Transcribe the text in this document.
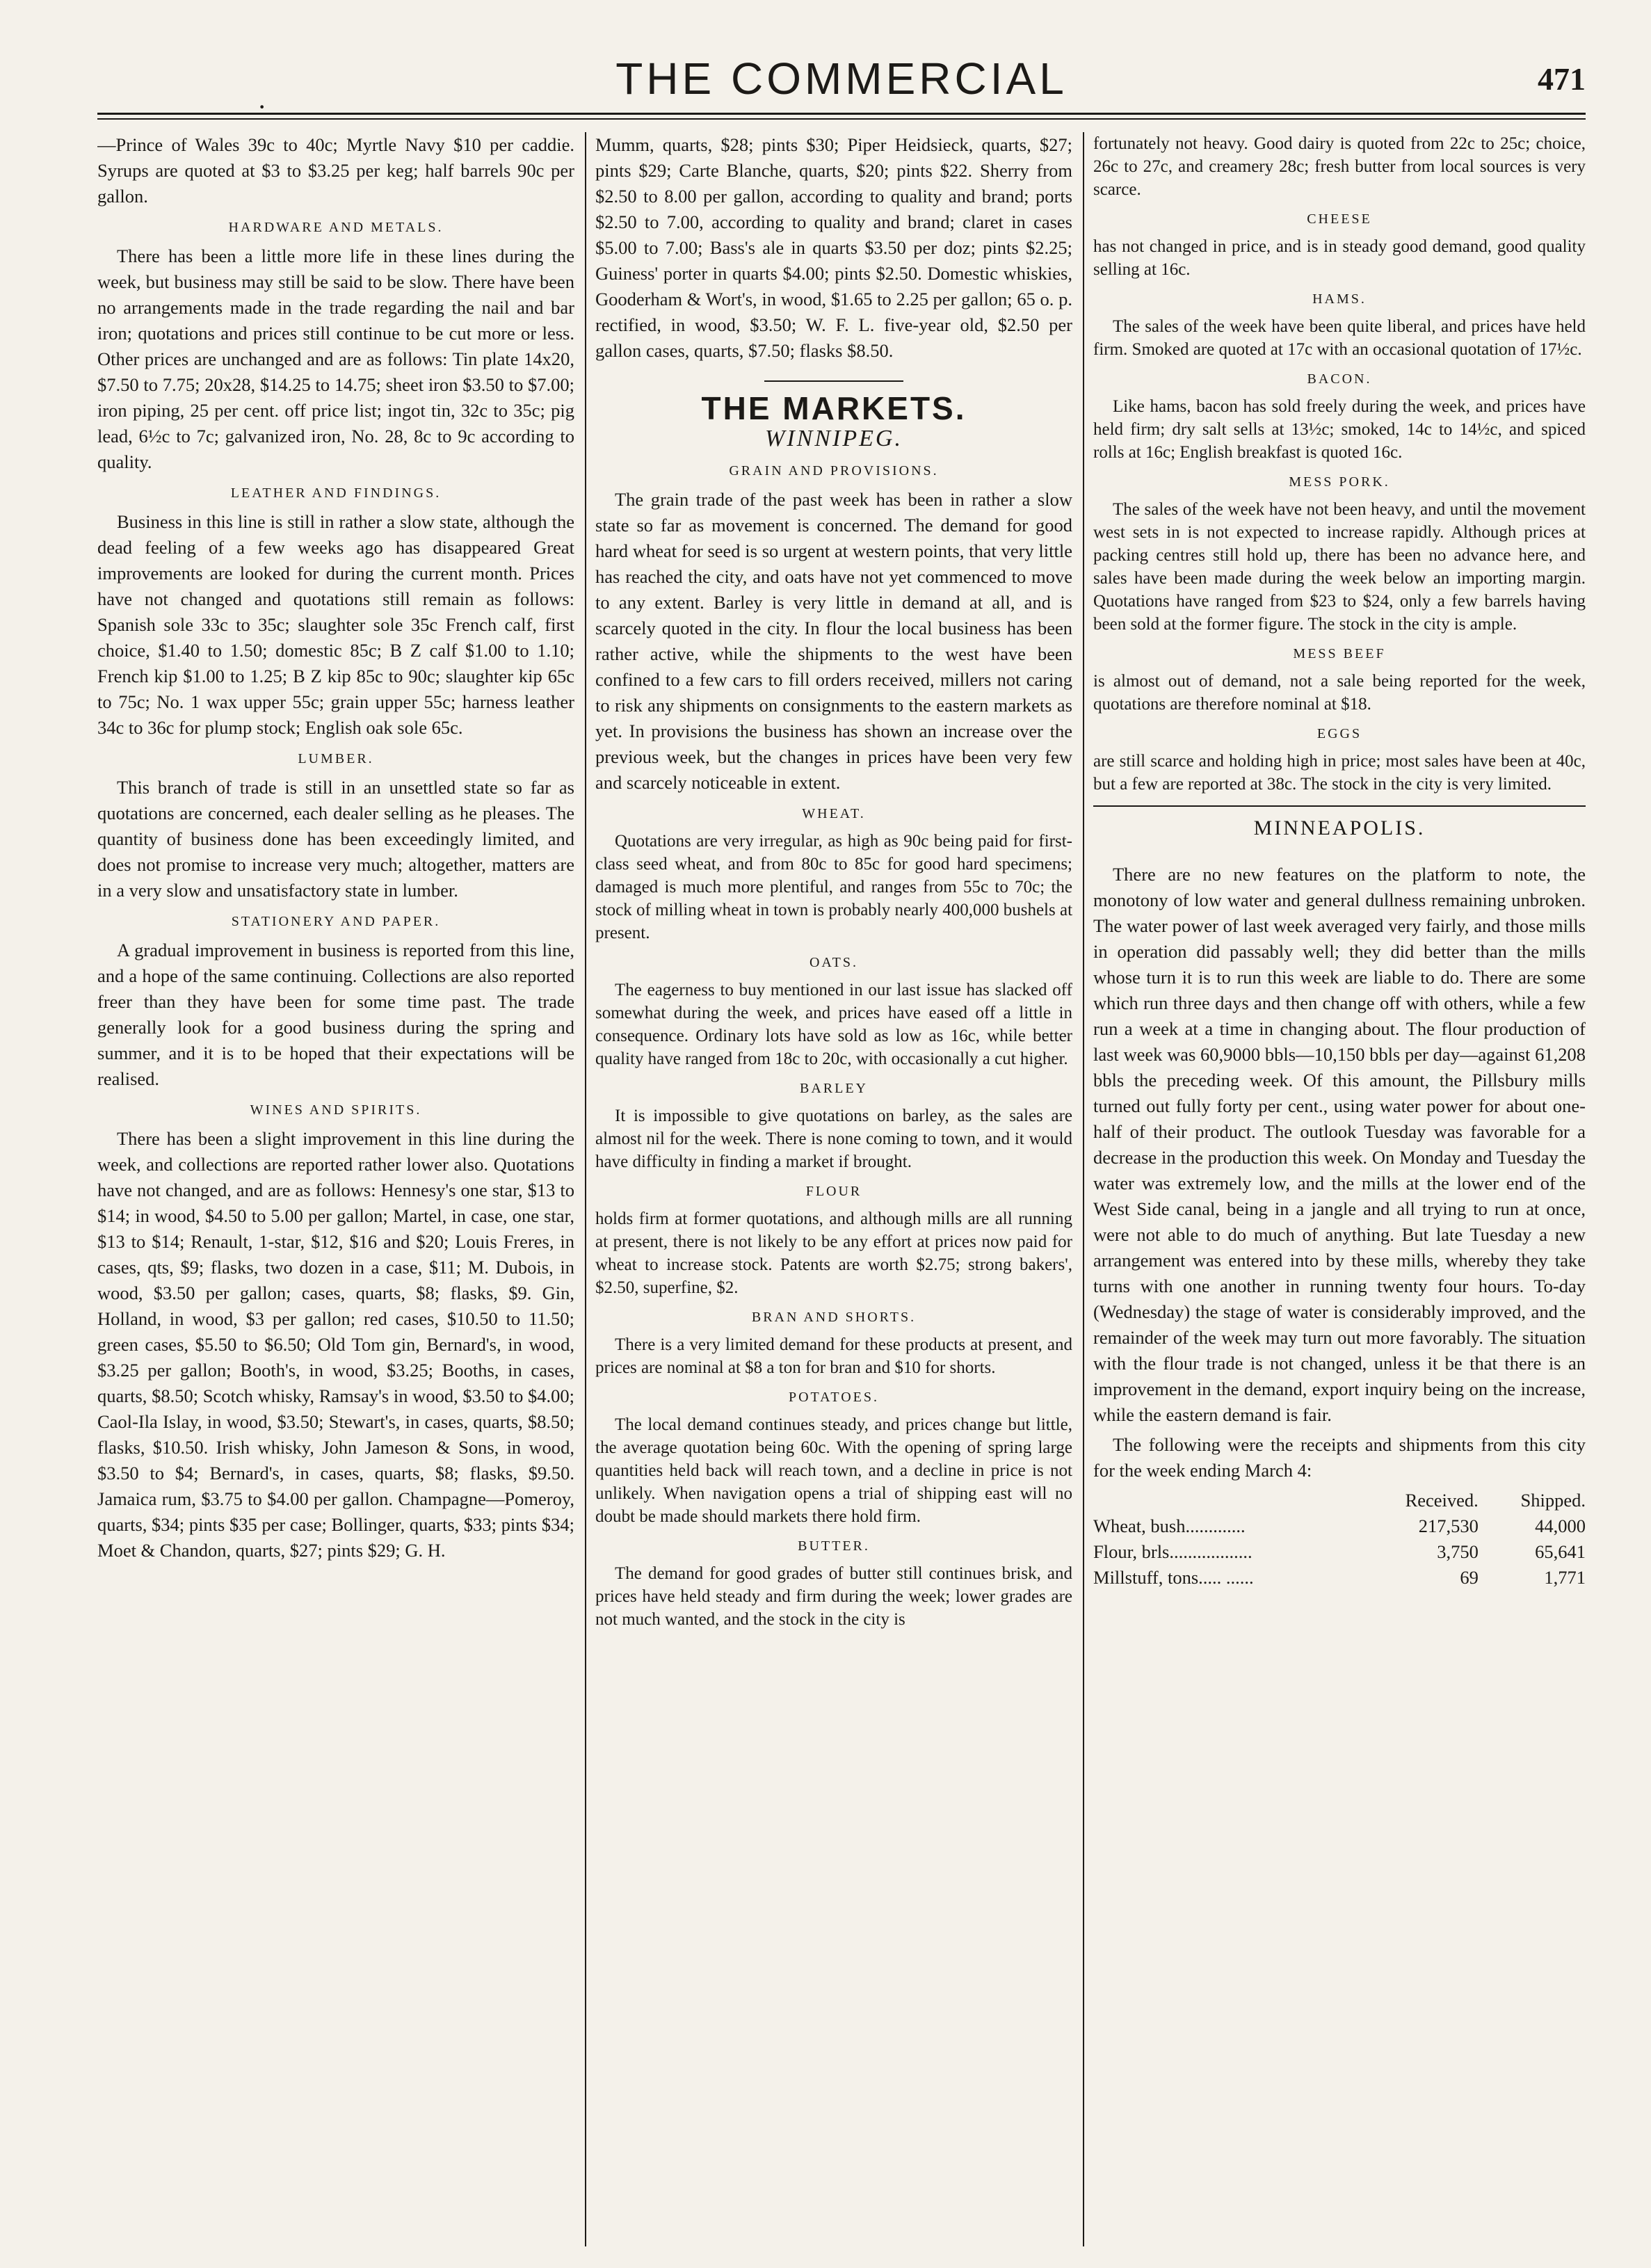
·
THE COMMERCIAL	471

—Prince of Wales 39c to 40c; Myrtle Navy $10 per caddie. Syrups are quoted at $3 to $3.25 per keg; half barrels 90c per gallon.

HARDWARE AND METALS.

There has been a little more life in these lines during the week, but business may still be said to be slow. There have been no arrangements made in the trade regarding the nail and bar iron; quotations and prices still continue to be cut more or less. Other prices are unchanged and are as follows: Tin plate 14x20, $7.50 to 7.75; 20x28, $14.25 to 14.75; sheet iron $3.50 to $7.00; iron piping, 25 per cent. off price list; ingot tin, 32c to 35c; pig lead, 6½c to 7c; galvanized iron, No. 28, 8c to 9c according to quality.

LEATHER AND FINDINGS.

Business in this line is still in rather a slow state, although the dead feeling of a few weeks ago has disappeared Great improvements are looked for during the current month. Prices have not changed and quotations still remain as follows: Spanish sole 33c to 35c; slaughter sole 35c French calf, first choice, $1.40 to 1.50; domestic 85c; B Z calf $1.00 to 1.10; French kip $1.00 to 1.25; B Z kip 85c to 90c; slaughter kip 65c to 75c; No. 1 wax upper 55c; grain upper 55c; harness leather 34c to 36c for plump stock; English oak sole 65c.

LUMBER.

This branch of trade is still in an unsettled state so far as quotations are concerned, each dealer selling as he pleases. The quantity of business done has been exceedingly limited, and does not promise to increase very much; altogether, matters are in a very slow and unsatisfactory state in lumber.

STATIONERY AND PAPER.

A gradual improvement in business is reported from this line, and a hope of the same continuing. Collections are also reported freer than they have been for some time past. The trade generally look for a good business during the spring and summer, and it is to be hoped that their expectations will be realised.

WINES AND SPIRITS.

There has been a slight improvement in this line during the week, and collections are reported rather lower also. Quotations have not changed, and are as follows: Hennesy's one star, $13 to $14; in wood, $4.50 to 5.00 per gallon; Martel, in case, one star, $13 to $14; Renault, 1-star, $12, $16 and $20; Louis Freres, in cases, qts, $9; flasks, two dozen in a case, $11; M. Dubois, in wood, $3.50 per gallon; cases, quarts, $8; flasks, $9. Gin, Holland, in wood, $3 per gallon; red cases, $10.50 to 11.50; green cases, $5.50 to $6.50; Old Tom gin, Bernard's, in wood, $3.25 per gallon; Booth's, in wood, $3.25; Booths, in cases, quarts, $8.50; Scotch whisky, Ramsay's in wood, $3.50 to $4.00; Caol-Ila Islay, in wood, $3.50; Stewart's, in cases, quarts, $8.50; flasks, $10.50. Irish whisky, John Jameson & Sons, in wood, $3.50 to $4; Bernard's, in cases, quarts, $8; flasks, $9.50. Jamaica rum, $3.75 to $4.00 per gallon. Champagne—Pomeroy, quarts, $34; pints $35 per case; Bollinger, quarts, $33; pints $34; Moet & Chandon, quarts, $27; pints $29; G. H.

Mumm, quarts, $28; pints $30; Piper Heidsieck, quarts, $27; pints $29; Carte Blanche, quarts, $20; pints $22. Sherry from $2.50 to 8.00 per gallon, according to quality and brand; ports $2.50 to 7.00, according to quality and brand; claret in cases $5.00 to 7.00; Bass's ale in quarts $3.50 per doz; pints $2.25; Guiness' porter in quarts $4.00; pints $2.50. Domestic whiskies, Gooderham & Wort's, in wood, $1.65 to 2.25 per gallon; 65 o. p. rectified, in wood, $3.50; W. F. L. five-year old, $2.50 per gallon cases, quarts, $7.50; flasks $8.50.

THE MARKETS.
WINNIPEG.
GRAIN AND PROVISIONS.

The grain trade of the past week has been in rather a slow state so far as movement is concerned. The demand for good hard wheat for seed is so urgent at western points, that very little has reached the city, and oats have not yet commenced to move to any extent. Barley is very little in demand at all, and is scarcely quoted in the city. In flour the local business has been rather active, while the shipments to the west have been confined to a few cars to fill orders received, millers not caring to risk any shipments on consignments to the eastern markets as yet. In provisions the business has shown an increase over the previous week, but the changes in prices have been very few and scarcely noticeable in extent.

WHEAT.

Quotations are very irregular, as high as 90c being paid for first-class seed wheat, and from 80c to 85c for good hard specimens; damaged is much more plentiful, and ranges from 55c to 70c; the stock of milling wheat in town is probably nearly 400,000 bushels at present.

OATS.

The eagerness to buy mentioned in our last issue has slacked off somewhat during the week, and prices have eased off a little in consequence. Ordinary lots have sold as low as 16c, while better quality have ranged from 18c to 20c, with occasionally a cut higher.

BARLEY

It is impossible to give quotations on barley, as the sales are almost nil for the week. There is none coming to town, and it would have difficulty in finding a market if brought.

FLOUR

holds firm at former quotations, and although mills are all running at present, there is not likely to be any effort at prices now paid for wheat to increase stock. Patents are worth $2.75; strong bakers', $2.50, superfine, $2.

BRAN AND SHORTS.

There is a very limited demand for these products at present, and prices are nominal at $8 a ton for bran and $10 for shorts.

POTATOES.

The local demand continues steady, and prices change but little, the average quotation being 60c. With the opening of spring large quantities held back will reach town, and a decline in price is not unlikely. When navigation opens a trial of shipping east will no doubt be made should markets there hold firm.

BUTTER.

The demand for good grades of butter still continues brisk, and prices have held steady and firm during the week; lower grades are not much wanted, and the stock in the city is

fortunately not heavy. Good dairy is quoted from 22c to 25c; choice, 26c to 27c, and creamery 28c; fresh butter from local sources is very scarce.

CHEESE

has not changed in price, and is in steady good demand, good quality selling at 16c.

HAMS.

The sales of the week have been quite liberal, and prices have held firm. Smoked are quoted at 17c with an occasional quotation of 17½c.

BACON.

Like hams, bacon has sold freely during the week, and prices have held firm; dry salt sells at 13½c; smoked, 14c to 14½c, and spiced rolls at 16c; English breakfast is quoted 16c.

MESS PORK.

The sales of the week have not been heavy, and until the movement west sets in is not expected to increase rapidly. Although prices at packing centres still hold up, there has been no advance here, and sales have been made during the week below an importing margin. Quotations have ranged from $23 to $24, only a few barrels having been sold at the former figure. The stock in the city is ample.

MESS BEEF

is almost out of demand, not a sale being reported for the week, quotations are therefore nominal at $18.

EGGS

are still scarce and holding high in price; most sales have been at 40c, but a few are reported at 38c. The stock in the city is very limited.

MINNEAPOLIS.

There are no new features on the platform to note, the monotony of low water and general dullness remaining unbroken. The water power of last week averaged very fairly, and those mills in operation did passably well; they did better than the mills whose turn it is to run this week are liable to do. There are some which run three days and then change off with others, while a few run a week at a time in changing about. The flour production of last week was 60,9000 bbls—10,150 bbls per day—against 61,208 bbls the preceding week. Of this amount, the Pillsbury mills turned out fully forty per cent., using water power for about one-half of their product. The outlook Tuesday was favorable for a decrease in the production this week. On Monday and Tuesday the water was extremely low, and the mills at the lower end of the West Side canal, being in a jangle and all trying to run at once, were not able to do much of anything. But late Tuesday a new arrangement was entered into by these mills, whereby they take turns with one another in running twenty four hours. To-day (Wednesday) the stage of water is considerably improved, and the remainder of the week may turn out more favorably. The situation with the flour trade is not changed, unless it be that there is an improvement in the demand, export inquiry being on the increase, while the eastern demand is fair.

The following were the receipts and shipments from this city for the week ending March 4:

	Received.	Shipped.
Wheat, bush.............	217,530	44,000
Flour, brls..................	3,750	65,641
Millstuff, tons..... ......	69	1,771
